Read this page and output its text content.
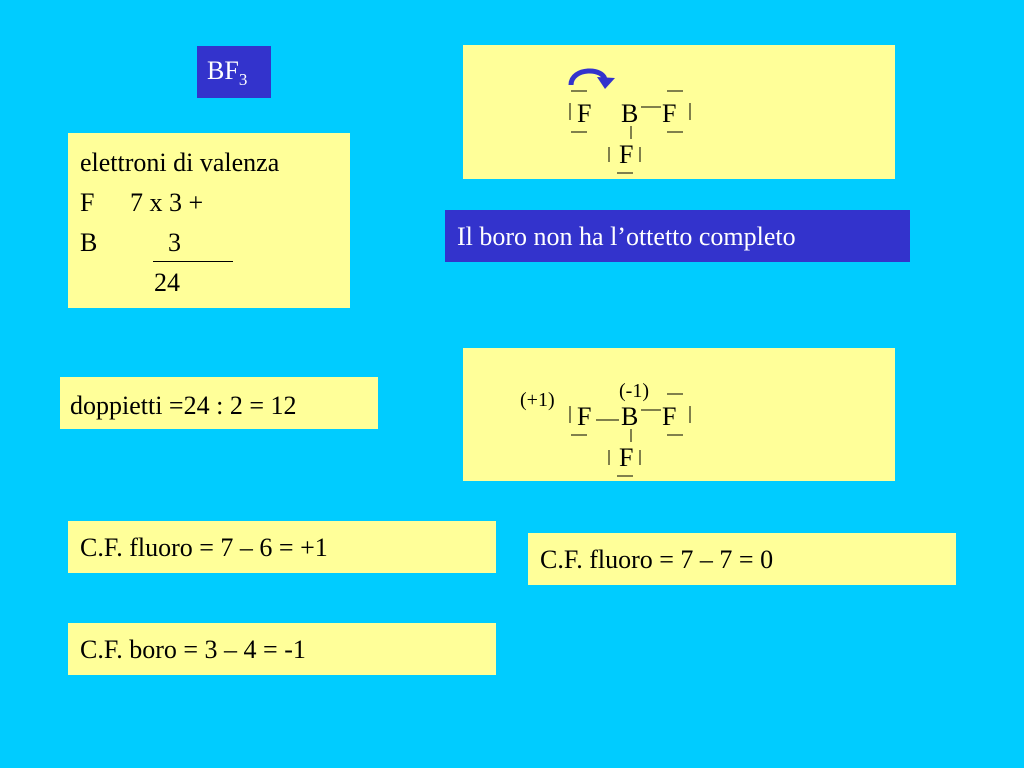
$BF_3$
elettroni di valenza
F 7 x 3 +
B	3
24
doppietti =24 : 2 = 12
C.F. fluoro = 7 – 6 = +1
C.F. boro = 3 – 4 = -1
C.F. fluoro = 7 – 7 = 0
Il boro non ha l’ottetto completo
F B F
F
(+1)	(-1)
F B F
F
